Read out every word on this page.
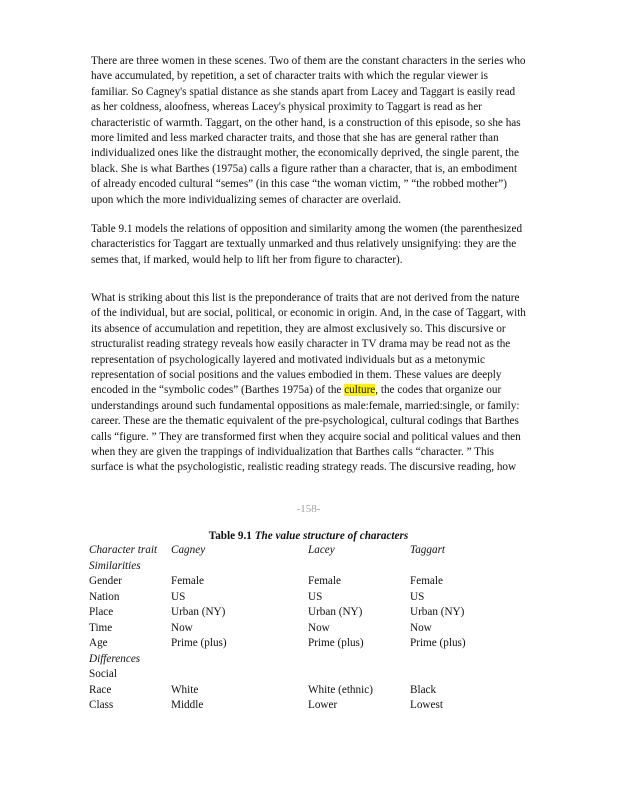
There are three women in these scenes. Two of them are the constant characters in the series who have accumulated, by repetition, a set of character traits with which the regular viewer is familiar. So Cagney's spatial distance as she stands apart from Lacey and Taggart is easily read as her coldness, aloofness, whereas Lacey's physical proximity to Taggart is read as her characteristic of warmth. Taggart, on the other hand, is a construction of this episode, so she has more limited and less marked character traits, and those that she has are general rather than individualized ones like the distraught mother, the economically deprived, the single parent, the black. She is what Barthes (1975a) calls a figure rather than a character, that is, an embodiment of already encoded cultural “semes” (in this case “the woman victim, ” “the robbed mother”) upon which the more individualizing semes of character are overlaid.

Table 9.1 models the relations of opposition and similarity among the women (the parenthesized characteristics for Taggart are textually unmarked and thus relatively unsignifying: they are the semes that, if marked, would help to lift her from figure to character).

What is striking about this list is the preponderance of traits that are not derived from the nature of the individual, but are social, political, or economic in origin. And, in the case of Taggart, with its absence of accumulation and repetition, they are almost exclusively so. This discursive or structuralist reading strategy reveals how easily character in TV drama may be read not as the representation of psychologically layered and motivated individuals but as a metonymic representation of social positions and the values embodied in them. These values are deeply encoded in the “symbolic codes” (Barthes 1975a) of the culture, the codes that organize our understandings around such fundamental oppositions as male:female, married:single, or family: career. These are the thematic equivalent of the pre-psychological, cultural codings that Barthes calls “figure. ” They are transformed first when they acquire social and political values and then when they are given the trappings of individualization that Barthes calls “character. ” This surface is what the psychologistic, realistic reading strategy reads. The discursive reading, how

-158-
Table 9.1 The value structure of characters
Character trait	Cagney	Lacey	Taggart
Similarities			
Gender	Female	Female	Female
Nation	US	US	US
Place	Urban (NY)	Urban (NY)	Urban (NY)
Time	Now	Now	Now
Age	Prime (plus)	Prime (plus)	Prime (plus)
Differences			
Social			
Race	White	White (ethnic)	Black
Class	Middle	Lower	Lowest
